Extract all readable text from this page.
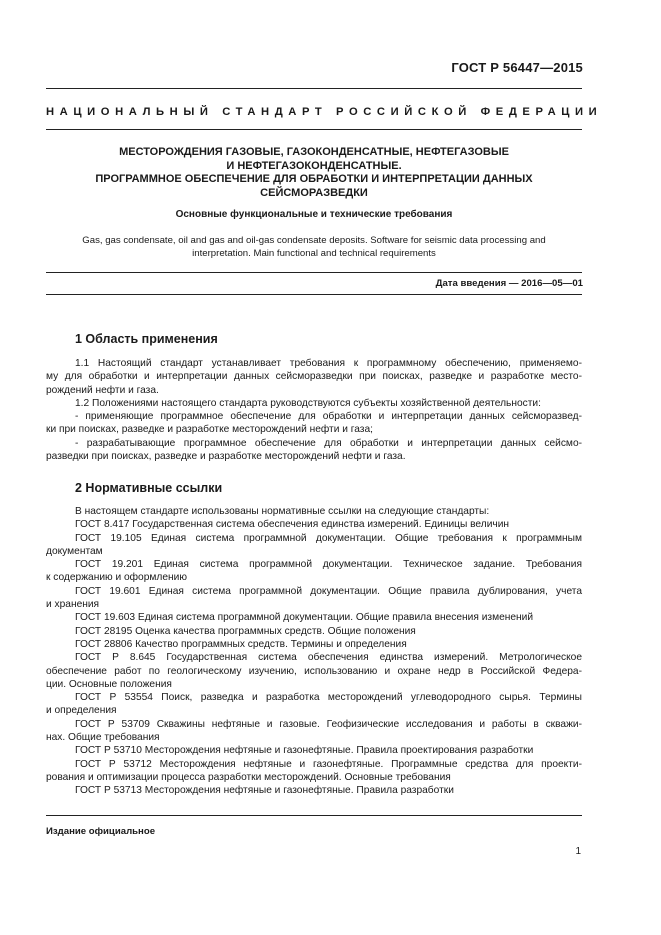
ГОСТ Р 56447—2015
НАЦИОНАЛЬНЫЙ СТАНДАРТ РОССИЙСКОЙ ФЕДЕРАЦИИ
МЕСТОРОЖДЕНИЯ ГАЗОВЫЕ, ГАЗОКОНДЕНСАТНЫЕ, НЕФТЕГАЗОВЫЕ
И НЕФТЕГАЗОКОНДЕНСАТНЫЕ.
ПРОГРАММНОЕ ОБЕСПЕЧЕНИЕ ДЛЯ ОБРАБОТКИ И ИНТЕРПРЕТАЦИИ ДАННЫХ
СЕЙСМОРАЗВЕДКИ
Основные функциональные и технические требования
Gas, gas condensate, oil and gas and oil-gas condensate deposits. Software for seismic data processing and
interpretation. Main functional and technical requirements
Дата введения — 2016—05—01
1 Область применения
1.1 Настоящий стандарт устанавливает требования к программному обеспечению, применяемо-
му для обработки и интерпретации данных сейсморазведки при поисках, разведке и разработке место-
рождений нефти и газа.
1.2 Положениями настоящего стандарта руководствуются субъекты хозяйственной деятельности:
- применяющие программное обеспечение для обработки и интерпретации данных сейсморазвед-
ки при поисках, разведке и разработке месторождений нефти и газа;
- разрабатывающие программное обеспечение для обработки и интерпретации данных сейсмо-
разведки при поисках, разведке и разработке месторождений нефти и газа.
2 Нормативные ссылки
В настоящем стандарте использованы нормативные ссылки на следующие стандарты:
ГОСТ 8.417 Государственная система обеспечения единства измерений. Единицы величин
ГОСТ 19.105 Единая система программной документации. Общие требования к программным
документам
ГОСТ 19.201 Единая система программной документации. Техническое задание. Требования
к содержанию и оформлению
ГОСТ 19.601 Единая система программной документации. Общие правила дублирования, учета
и хранения
ГОСТ 19.603 Единая система программной документации. Общие правила внесения изменений
ГОСТ 28195 Оценка качества программных средств. Общие положения
ГОСТ 28806 Качество программных средств. Термины и определения
ГОСТ Р 8.645 Государственная система обеспечения единства измерений. Метрологическое
обеспечение работ по геологическому изучению, использованию и охране недр в Российской Федера-
ции. Основные положения
ГОСТ Р 53554 Поиск, разведка и разработка месторождений углеводородного сырья. Термины
и определения
ГОСТ Р 53709 Скважины нефтяные и газовые. Геофизические исследования и работы в скважи-
нах. Общие требования
ГОСТ Р 53710 Месторождения нефтяные и газонефтяные. Правила проектирования разработки
ГОСТ Р 53712 Месторождения нефтяные и газонефтяные. Программные средства для проекти-
рования и оптимизации процесса разработки месторождений. Основные требования
ГОСТ Р 53713 Месторождения нефтяные и газонефтяные. Правила разработки
Издание официальное
1
